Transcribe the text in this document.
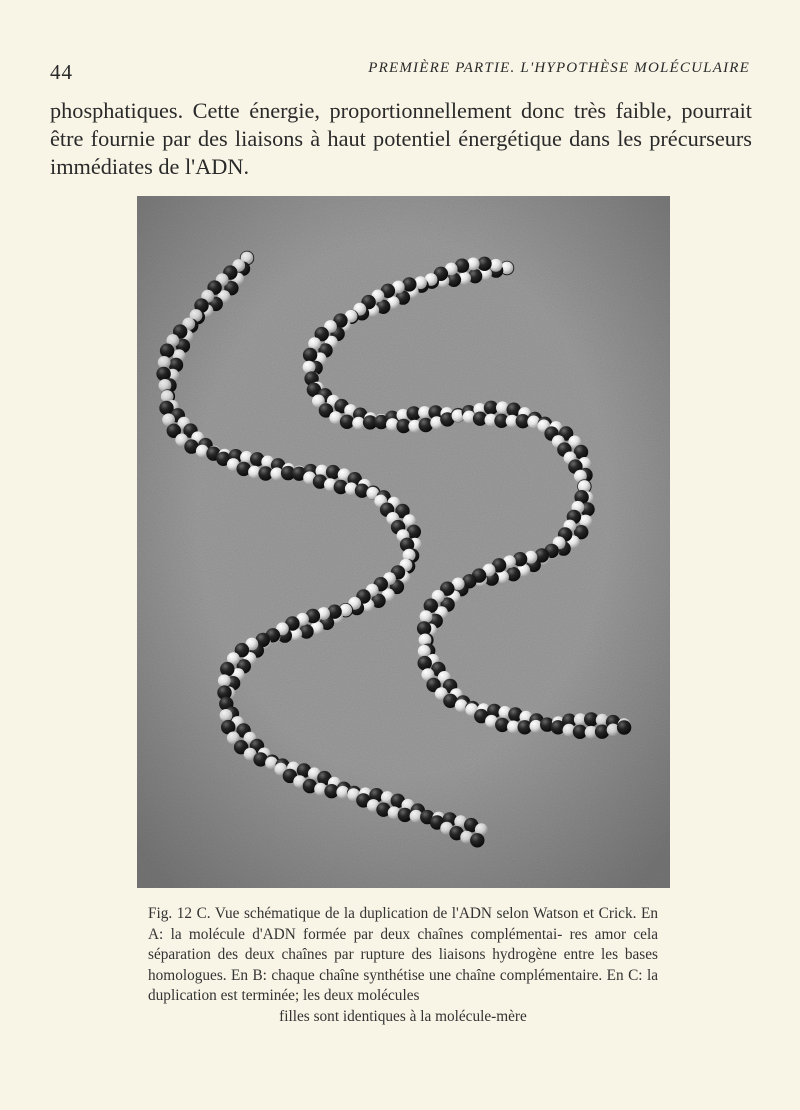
44	PREMIÈRE PARTIE. L'HYPOTHÈSE MOLÉCULAIRE

phosphatiques. Cette énergie, proportionnellement donc très faible, pourrait être fournie par des liaisons à haut potentiel énergétique dans les précurseurs immédiates de l'ADN.

Fig. 12 C. Vue schématique de la duplication de l'ADN selon Watson et Crick. En A: la molécule d'ADN formée par deux chaînes complémentai- res amor cela séparation des deux chaînes par rupture des liaisons hydrogène entre les bases homologues. En B: chaque chaîne synthétise une chaîne complémentaire. En C: la duplication est terminée; les deux molécules
filles sont identiques à la molécule-mère
